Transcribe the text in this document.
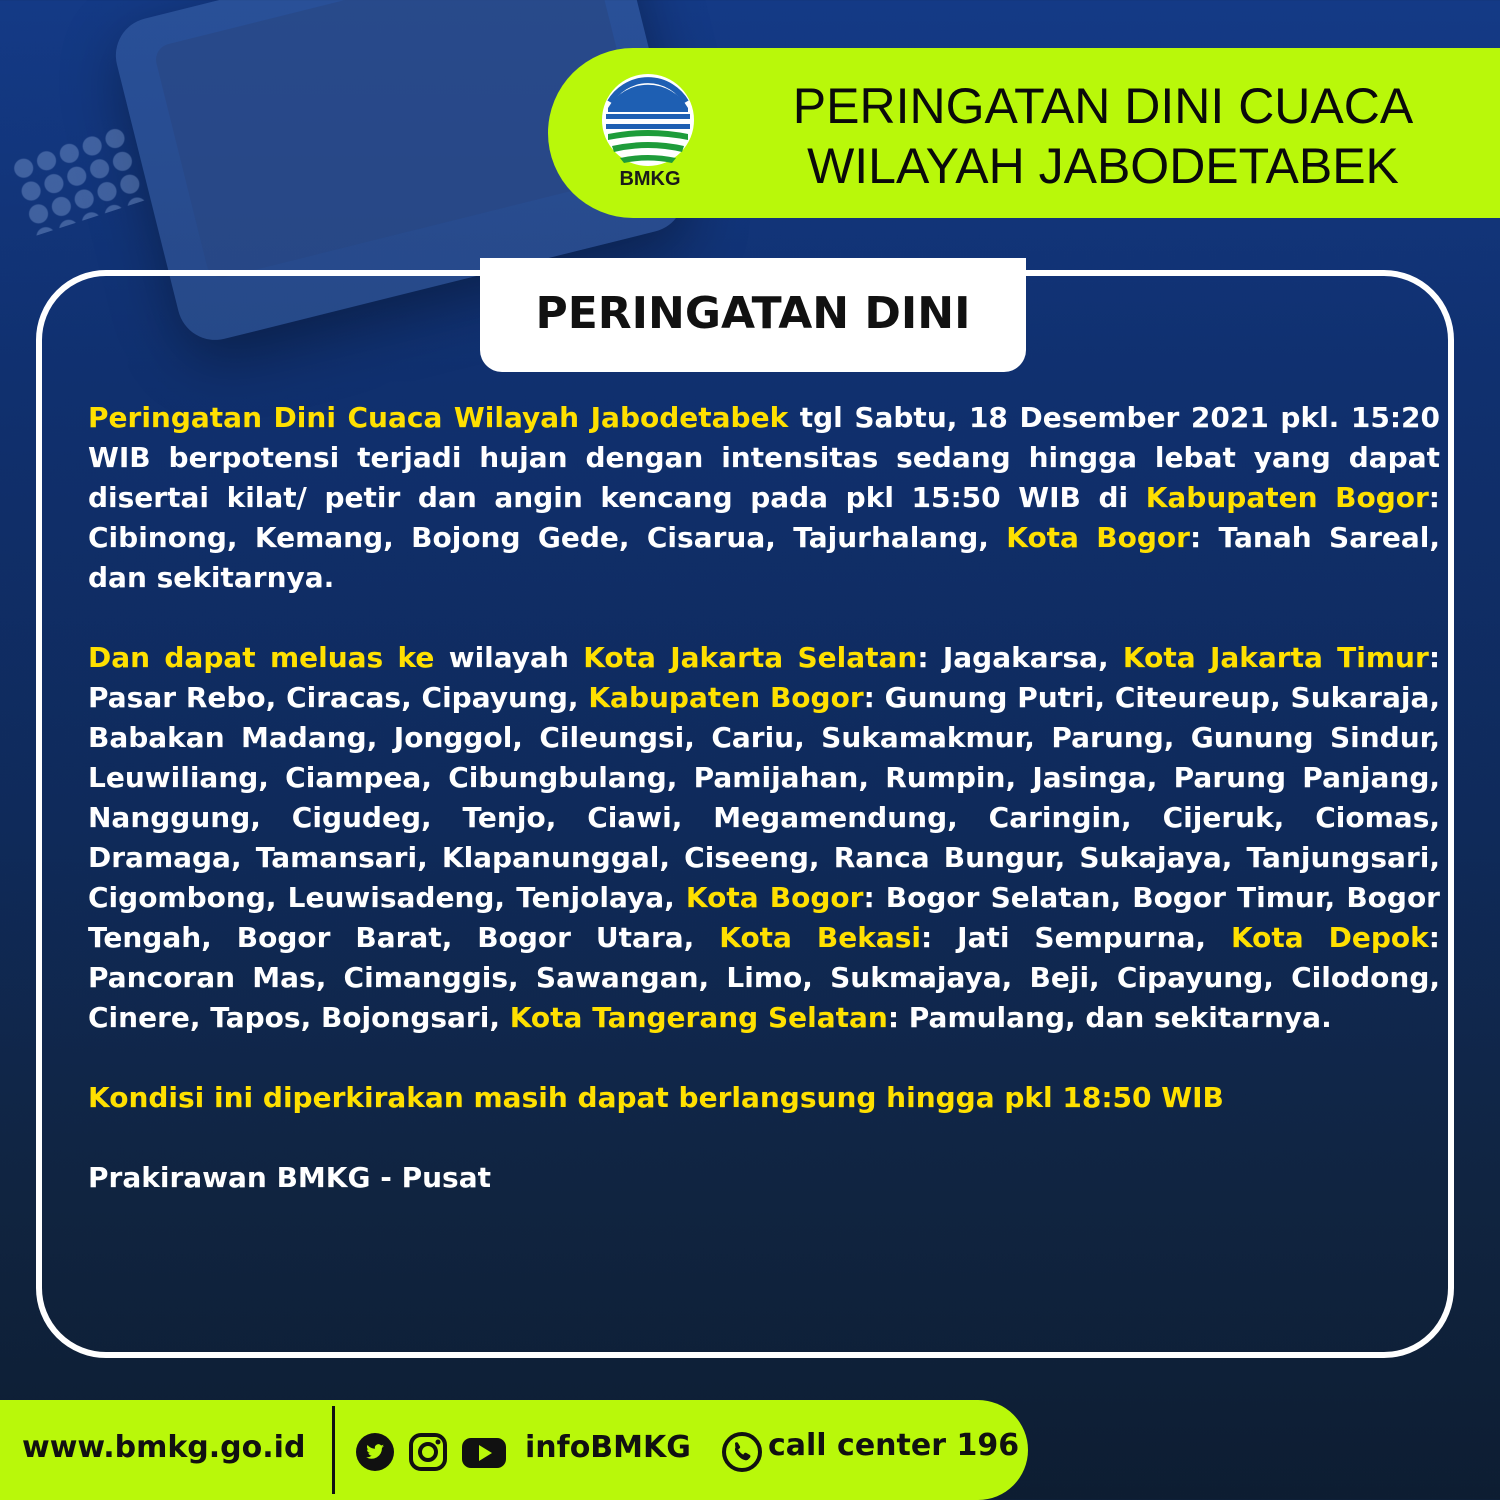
BMKG
PERINGATAN DINI CUACA
WILAYAH JABODETABEK
PERINGATAN DINI

Peringatan Dini Cuaca Wilayah Jabodetabek tgl Sabtu, 18 Desember 2021 pkl. 15:20 WIB berpotensi terjadi hujan dengan intensitas sedang hingga lebat yang dapat disertai kilat/ petir dan angin kencang pada pkl 15:50 WIB di Kabupaten Bogor: Cibinong, Kemang, Bojong Gede, Cisarua, Tajurhalang, Kota Bogor: Tanah Sareal, dan sekitarnya.

Dan dapat meluas ke wilayah Kota Jakarta Selatan: Jagakarsa, Kota Jakarta Timur: Pasar Rebo, Ciracas, Cipayung, Kabupaten Bogor: Gunung Putri, Citeureup, Sukaraja, Babakan Madang, Jonggol, Cileungsi, Cariu, Sukamakmur, Parung, Gunung Sindur, Leuwiliang, Ciampea, Cibungbulang, Pamijahan, Rumpin, Jasinga, Parung Panjang, Nanggung, Cigudeg, Tenjo, Ciawi, Megamendung, Caringin, Cijeruk, Ciomas, Dramaga, Tamansari, Klapanunggal, Ciseeng, Ranca Bungur, Sukajaya, Tanjungsari, Cigombong, Leuwisadeng, Tenjolaya, Kota Bogor: Bogor Selatan, Bogor Timur, Bogor Tengah, Bogor Barat, Bogor Utara, Kota Bekasi: Jati Sempurna, Kota Depok: Pancoran Mas, Cimanggis, Sawangan, Limo, Sukmajaya, Beji, Cipayung, Cilodong, Cinere, Tapos, Bojongsari, Kota Tangerang Selatan: Pamulang, dan sekitarnya.

Kondisi ini diperkirakan masih dapat berlangsung hingga pkl 18:50 WIB

Prakirawan BMKG - Pusat

www.bmkg.go.id	infoBMKG	call center 196
